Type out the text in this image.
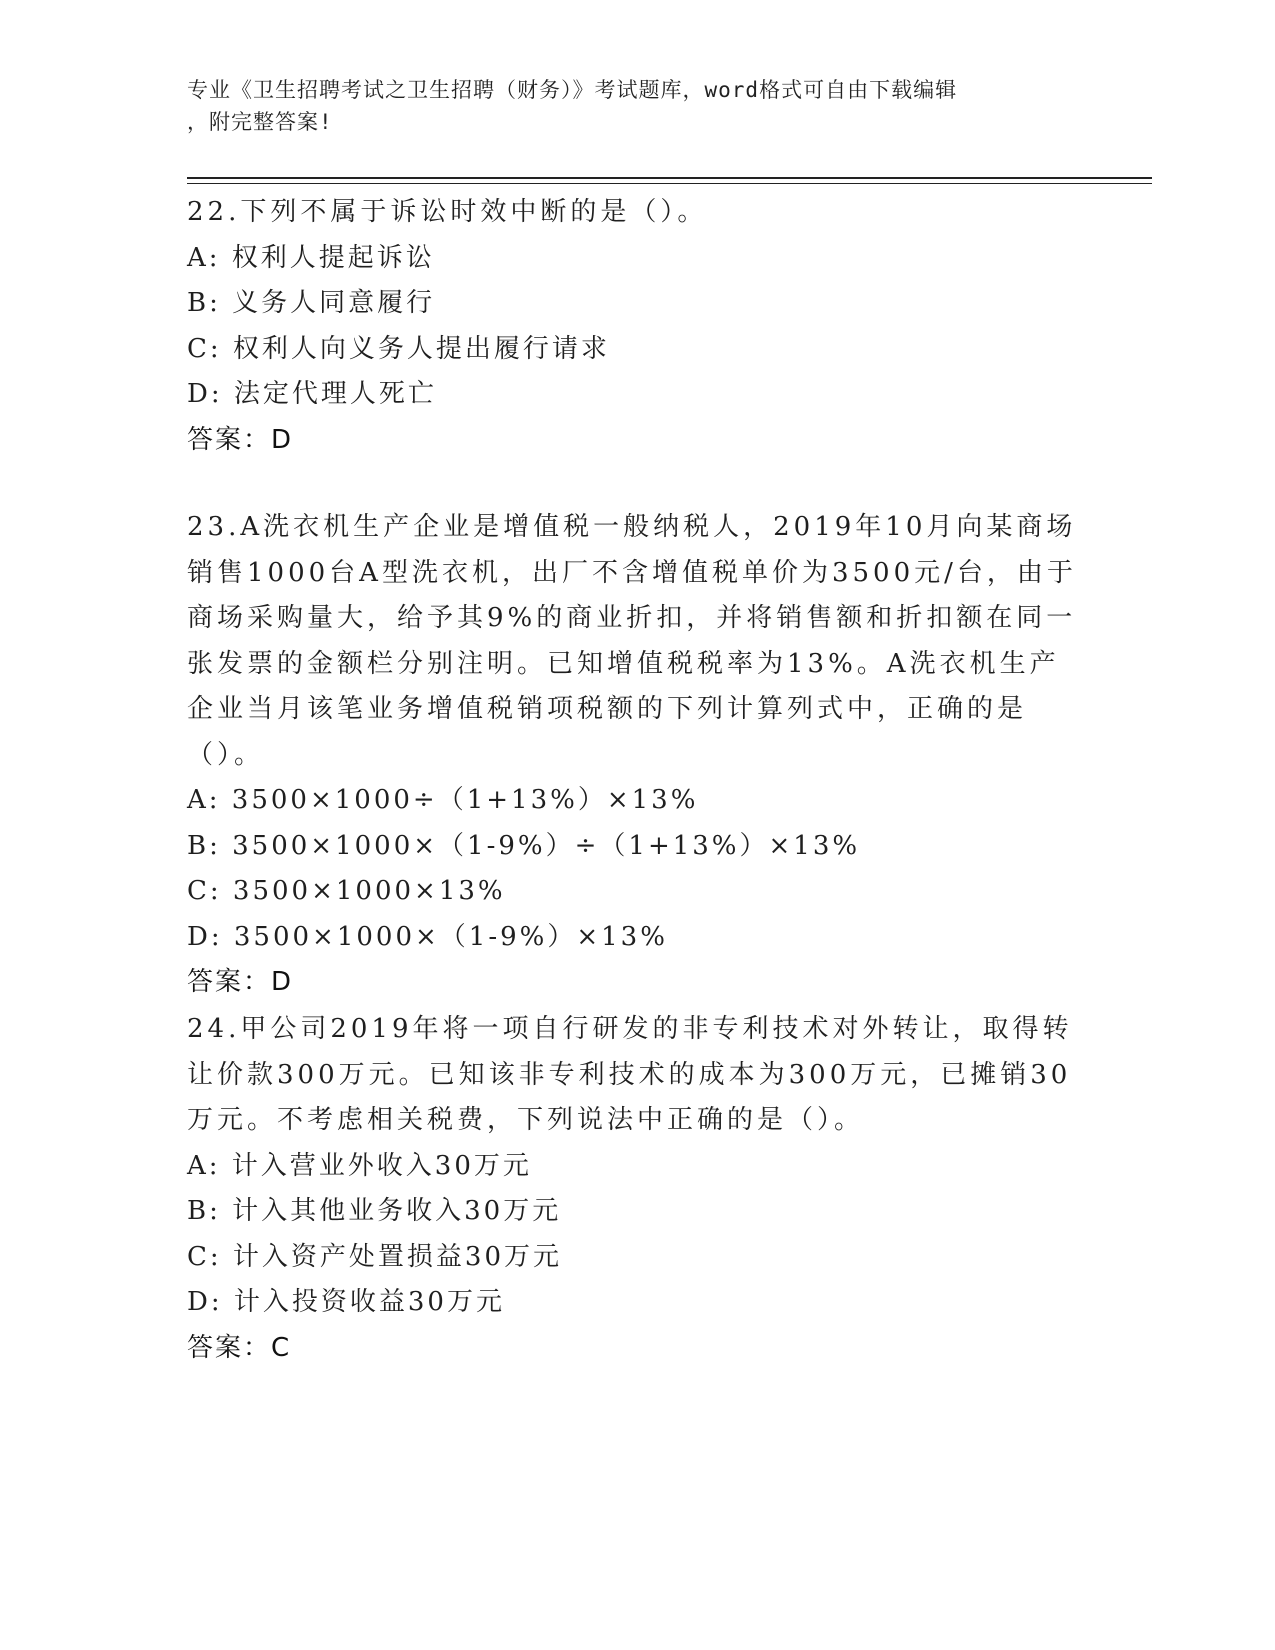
专业《卫生招聘考试之卫生招聘（财务）》考试题库，word格式可自由下载编辑
，附完整答案!

22.下列不属于诉讼时效中断的是（）。

A: 权利人提起诉讼

B: 义务人同意履行

C: 权利人向义务人提出履行请求

D: 法定代理人死亡

答案：D

23.A洗衣机生产企业是增值税一般纳税人，2019年10月向某商场销售1000台A型洗衣机，出厂不含增值税单价为3500元/台，由于商场采购量大，给予其9%的商业折扣，并将销售额和折扣额在同一张发票的金额栏分别注明。已知增值税税率为13%。A洗衣机生产企业当月该笔业务增值税销项税额的下列计算列式中，正确的是（）。

A: 3500×1000÷（1+13%）×13%

B: 3500×1000×（1-9%）÷（1+13%）×13%

C: 3500×1000×13%

D: 3500×1000×（1-9%）×13%

答案：D

24.甲公司2019年将一项自行研发的非专利技术对外转让，取得转让价款300万元。已知该非专利技术的成本为300万元，已摊销30万元。不考虑相关税费，下列说法中正确的是（）。

A: 计入营业外收入30万元

B: 计入其他业务收入30万元

C: 计入资产处置损益30万元

D: 计入投资收益30万元

答案：C
